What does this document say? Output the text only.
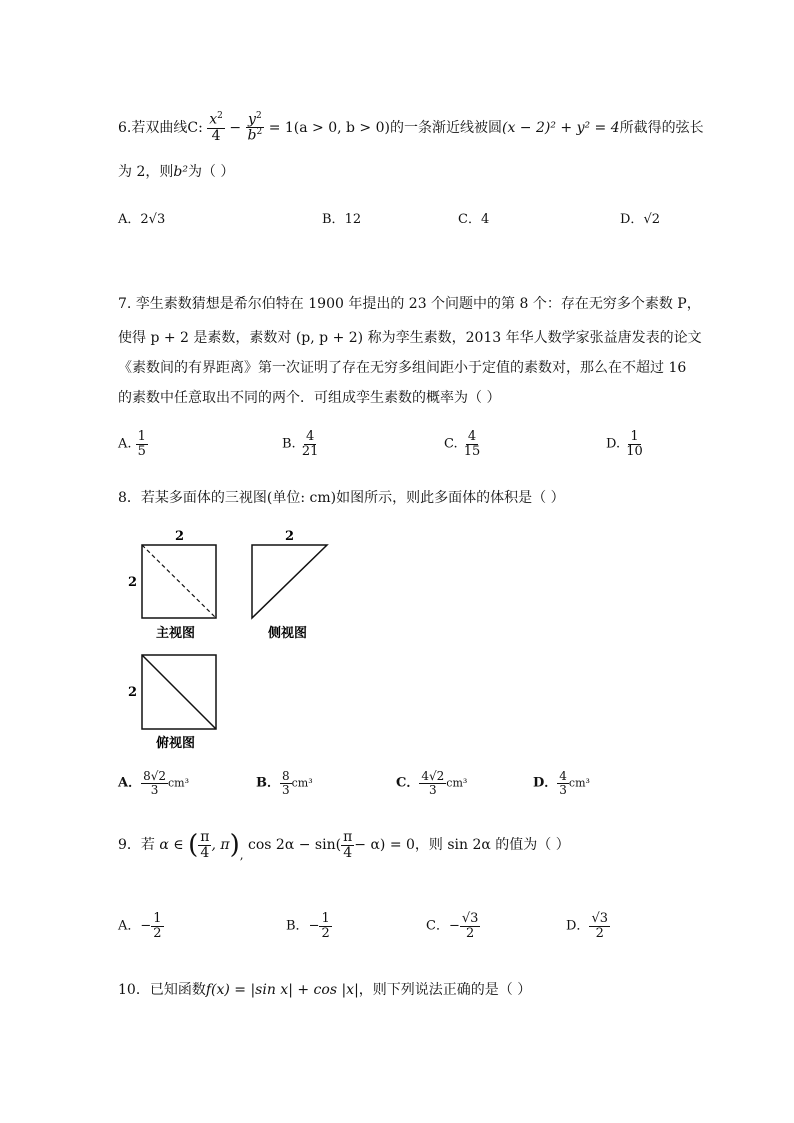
6.若双曲线C: $\frac{x^2}{4} - \frac{y^2}{b^2} = 1(a > 0$, b > 0)的一条渐近线被圆(x − 2)² + y² = 4所截得的弦长
为 2，则b²为（ ）
A．2√3	B．12	C．4	D．√2
7. 孪生素数猜想是希尔伯特在 1900 年提出的 23 个问题中的第 8 个：存在无穷多个素数 P，
使得 p + 2 是素数，素数对 (p, p + 2) 称为孪生素数，2013 年华人数学家张益唐发表的论文
《素数间的有界距离》第一次证明了存在无穷多组间距小于定值的素数对，那么在不超过 16
的素数中任意取出不同的两个．可组成孪生素数的概率为（ ）
A. $\frac{1}{5}$	B. $\frac{4}{21}$	C. $\frac{4}{15}$	D. $\frac{1}{10}$
8．若某多面体的三视图(单位: cm)如图所示，则此多面体的体积是（ ）
2
2
主视图
2
侧视图
2
俯视图
A． $\frac{8√2}{3} cm^3$	B． $\frac{8}{3} cm^3$	C． $\frac{4√2}{3} cm^3$	D． $\frac{4}{3} cm^3$
9．若 α ∈ ( $\frac{\pi}{4}$ , π), $\cos 2\alpha - \sin( \frac{\pi}{4} - \alpha) = 0$，则 sin 2α 的值为（ ）
A．− $\frac{1}{2}$	B．− $\frac{1}{2}$	C．− $\frac{√3}{2}$	D． $\frac{√3}{2}$
10．已知函数f(x) = |sin x| + cos |x|，则下列说法正确的是（ ）
